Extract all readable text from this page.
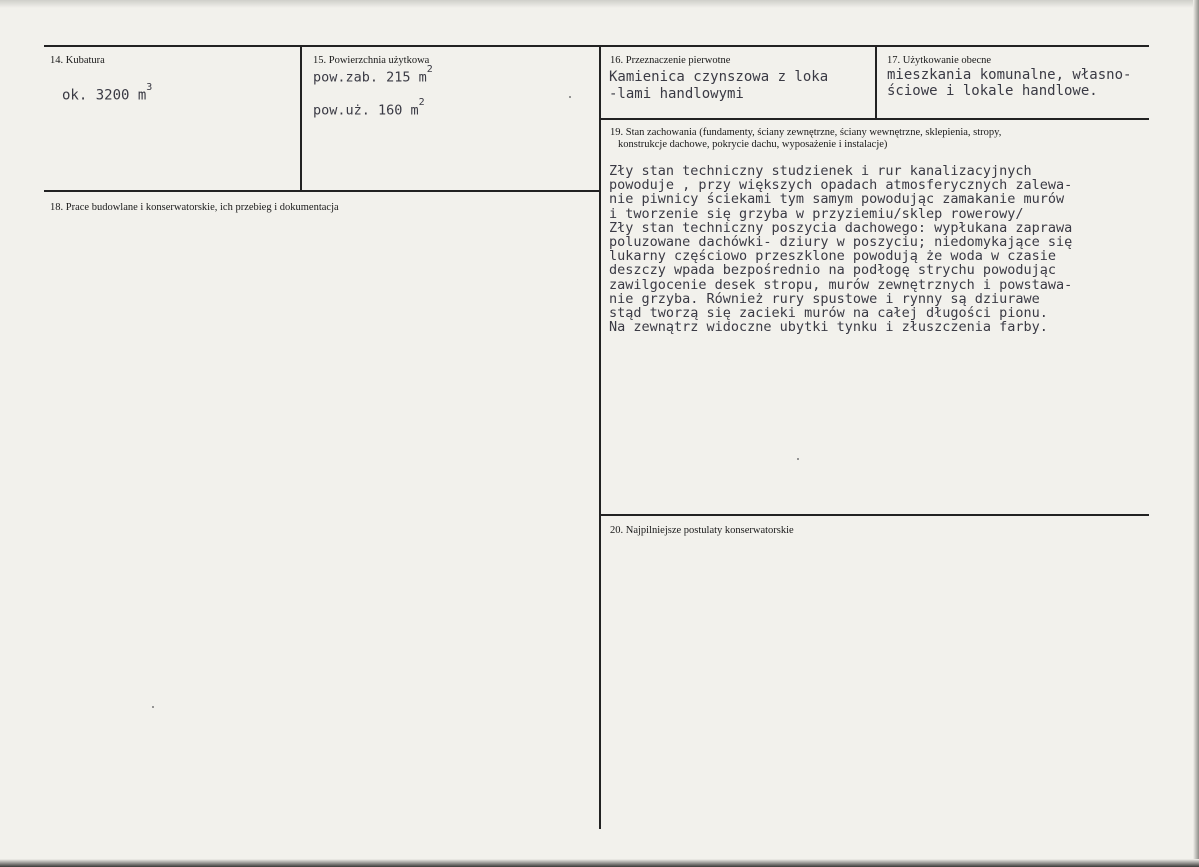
14. Kubatura

ok. 3200 $m^3$

15. Powierzchnia użytkowa

pow.zab. 215 $m^2$

pow.uż. 160 $m^2$

16. Przeznaczenie pierwotne

Kamienica czynszowa z loka
-lami handlowymi

17. Użytkowanie obecne

mieszkania komunalne, własno-
ściowe i lokale handlowe.

18. Prace budowlane i konserwatorskie, ich przebieg i dokumentacja

19. Stan zachowania (fundamenty, ściany zewnętrzne, ściany wewnętrzne, sklepienia, stropy,

konstrukcje dachowe, pokrycie dachu, wyposażenie i instalacje)

Zły stan techniczny studzienek i rur kanalizacyjnych
powoduje , przy większych opadach atmosferycznych zalewa-
nie piwnicy ściekami tym samym powodując zamakanie murów
i tworzenie się grzyba w przyziemiu/sklep rowerowy/
Zły stan techniczny poszycia dachowego: wypłukana zaprawa
poluzowane dachówki- dziury w poszyciu; niedomykające się
lukarny częściowo przeszklone powodują że woda w czasie
deszczy wpada bezpośrednio na podłogę strychu powodując
zawilgocenie desek stropu, murów zewnętrznych i powstawa-
nie grzyba. Również rury spustowe i rynny są dziurawe
stąd tworzą się zacieki murów na całej długości pionu.
Na zewnątrz widoczne ubytki tynku i złuszczenia farby.

20. Najpilniejsze postulaty konserwatorskie
